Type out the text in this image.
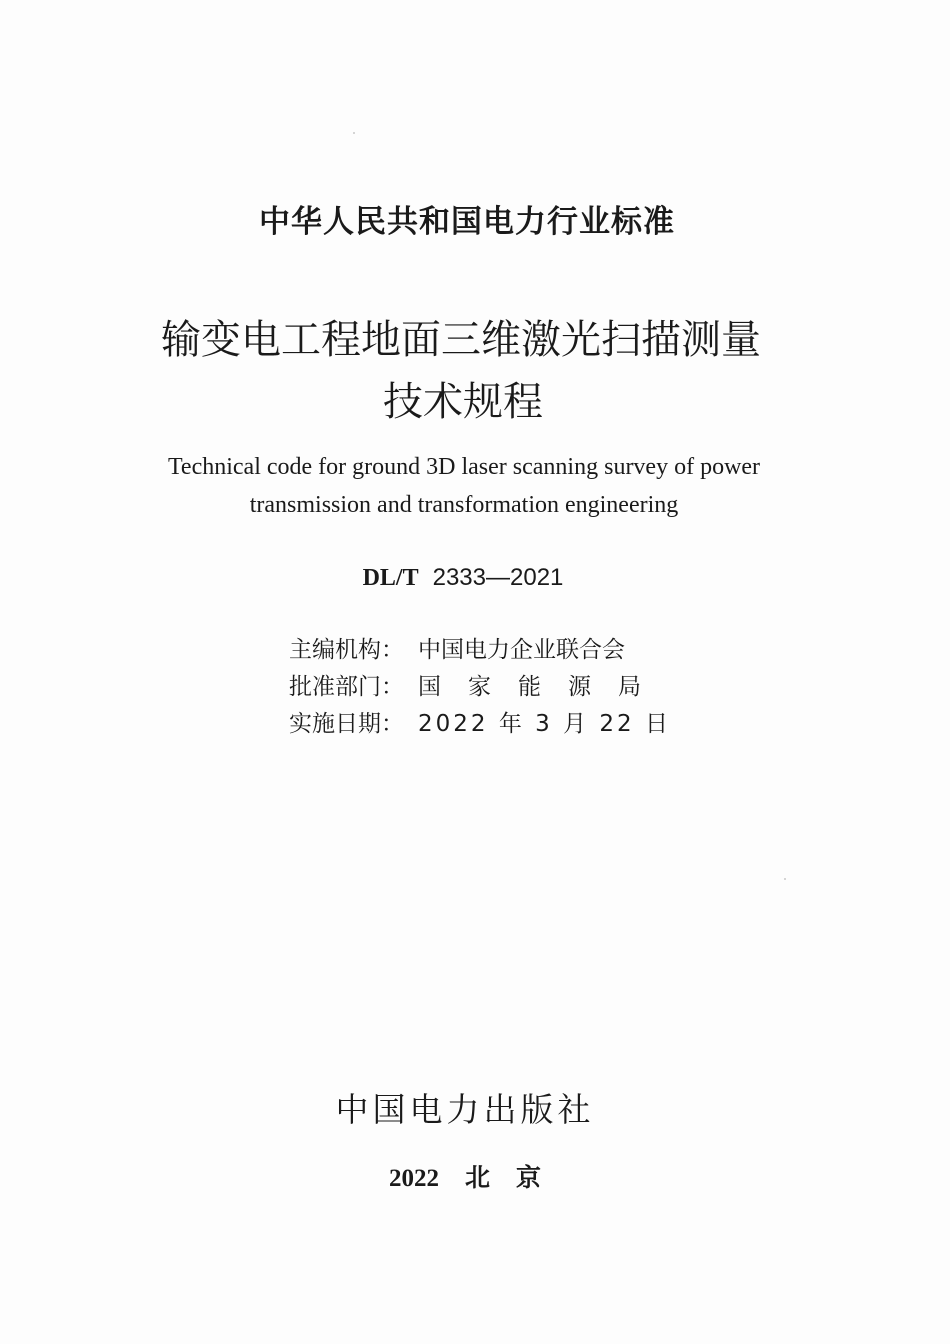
中华人民共和国电力行业标准
输变电工程地面三维激光扫描测量
技术规程
Technical code for ground 3D laser scanning survey of power
transmission and transformation engineering
DL/T 2333—2021
主编机构： 中国电力企业联合会
批准部门： 国家能源局
实施日期： 2022 年 3 月 22 日
中国电力出版社
2022 北京
